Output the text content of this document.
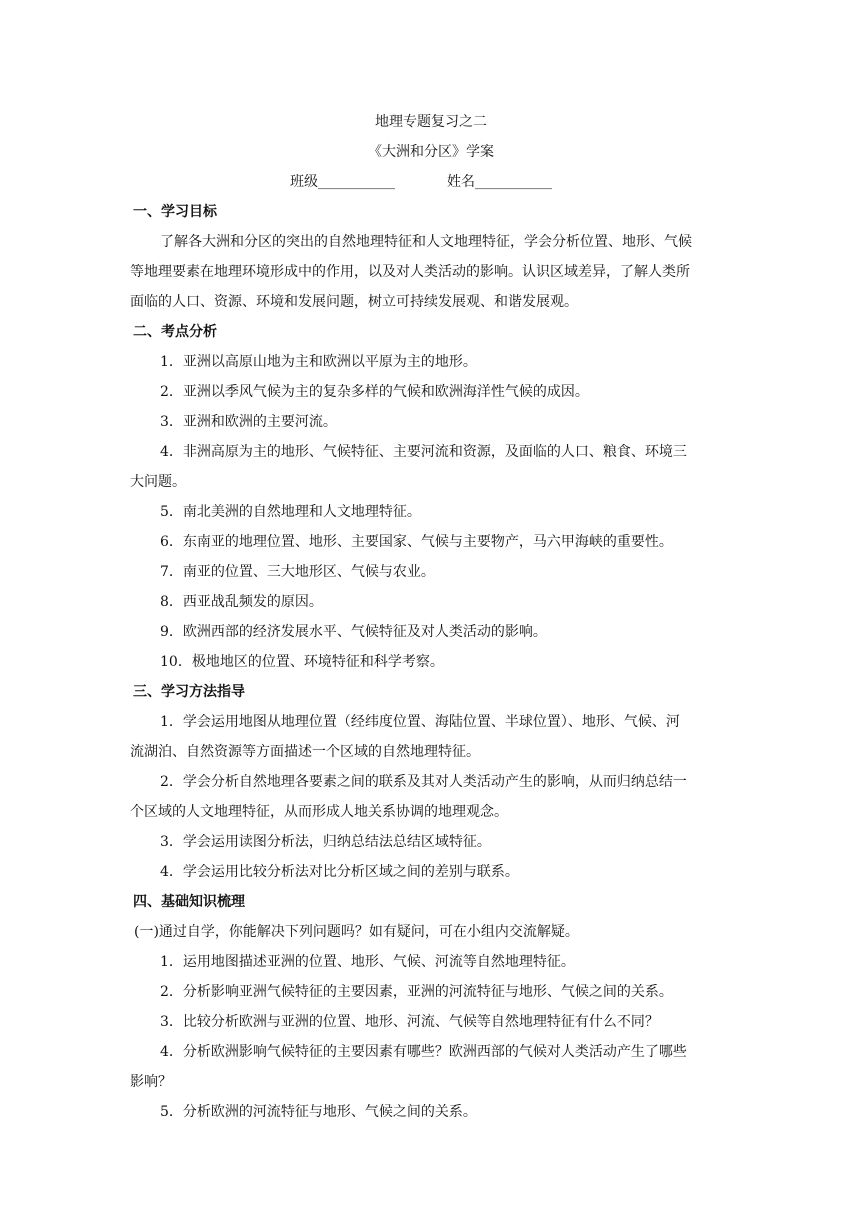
地理专题复习之二
《大洲和分区》学案
班级___________	姓名___________
一、学习目标
了解各大洲和分区的突出的自然地理特征和人文地理特征，学会分析位置、地形、气候
等地理要素在地理环境形成中的作用，以及对人类活动的影响。认识区域差异，了解人类所
面临的人口、资源、环境和发展问题，树立可持续发展观、和谐发展观。
二、考点分析
1．亚洲以高原山地为主和欧洲以平原为主的地形。
2．亚洲以季风气候为主的复杂多样的气候和欧洲海洋性气候的成因。
3．亚洲和欧洲的主要河流。
4．非洲高原为主的地形、气候特征、主要河流和资源，及面临的人口、粮食、环境三
大问题。
5．南北美洲的自然地理和人文地理特征。
6．东南亚的地理位置、地形、主要国家、气候与主要物产，马六甲海峡的重要性。
7．南亚的位置、三大地形区、气候与农业。
8．西亚战乱频发的原因。
9．欧洲西部的经济发展水平、气候特征及对人类活动的影响。
10．极地地区的位置、环境特征和科学考察。
三、学习方法指导
1．学会运用地图从地理位置（经纬度位置、海陆位置、半球位置）、地形、气候、河
流湖泊、自然资源等方面描述一个区域的自然地理特征。
2．学会分析自然地理各要素之间的联系及其对人类活动产生的影响，从而归纳总结一
个区域的人文地理特征，从而形成人地关系协调的地理观念。
3．学会运用读图分析法，归纳总结法总结区域特征。
4．学会运用比较分析法对比分析区域之间的差别与联系。
四、基础知识梳理
(一)通过自学，你能解决下列问题吗？如有疑问，可在小组内交流解疑。
1．运用地图描述亚洲的位置、地形、气候、河流等自然地理特征。
2．分析影响亚洲气候特征的主要因素，亚洲的河流特征与地形、气候之间的关系。
3．比较分析欧洲与亚洲的位置、地形、河流、气候等自然地理特征有什么不同？
4．分析欧洲影响气候特征的主要因素有哪些？欧洲西部的气候对人类活动产生了哪些
影响？
5．分析欧洲的河流特征与地形、气候之间的关系。
